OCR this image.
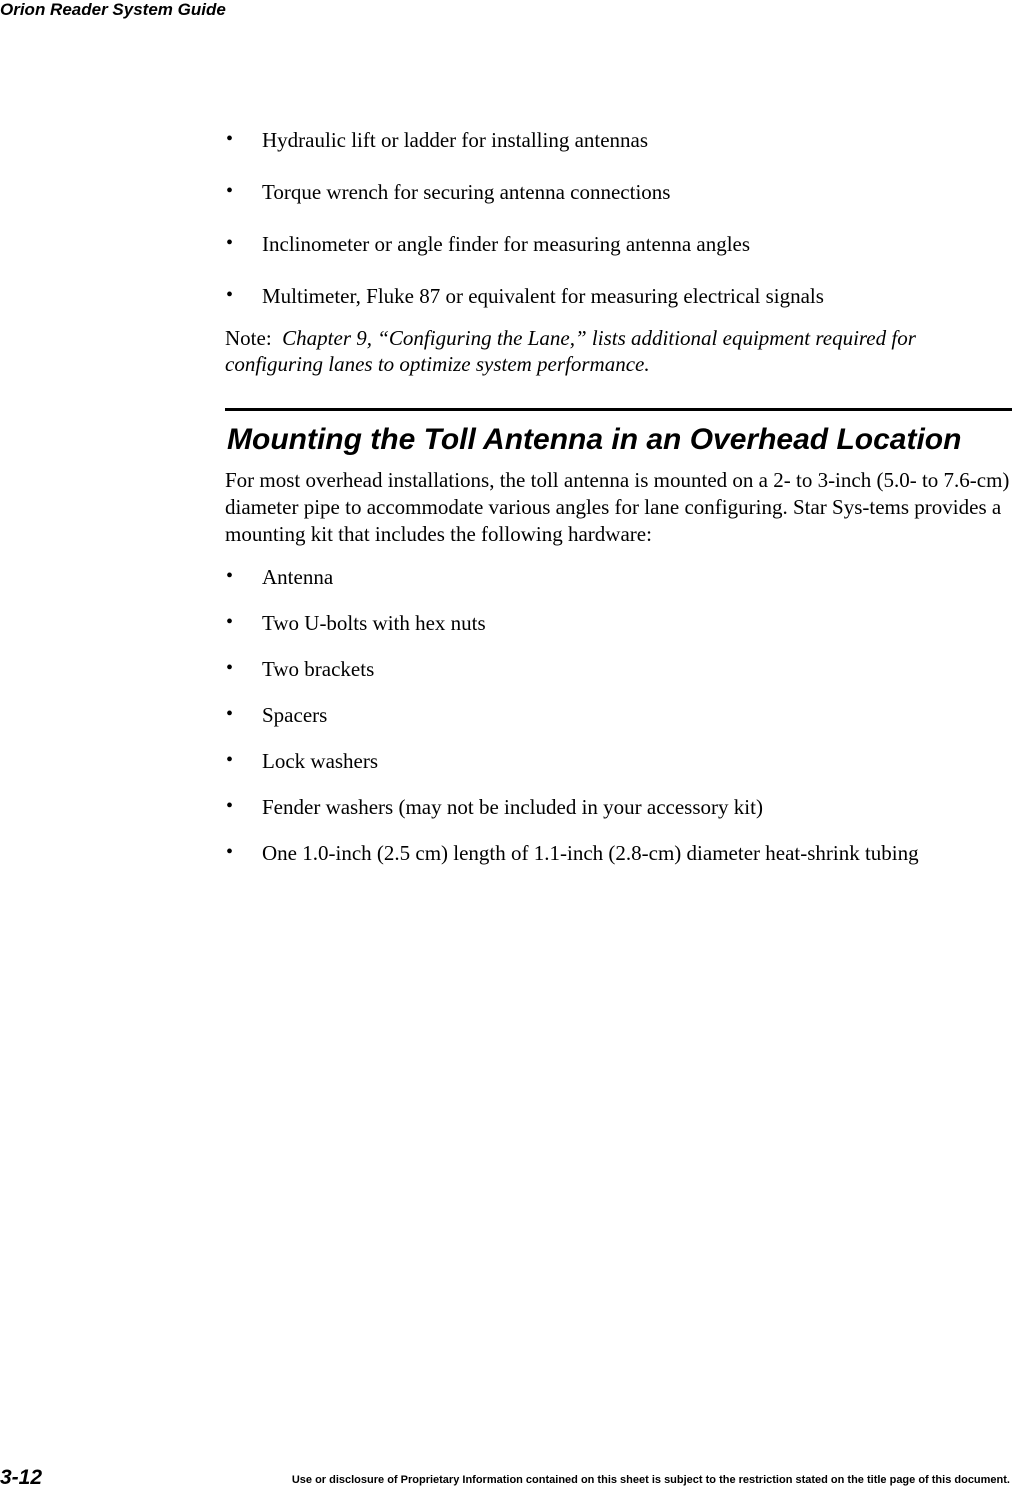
Orion Reader System Guide
• Hydraulic lift or ladder for installing antennas
• Torque wrench for securing antenna connections
• Inclinometer or angle finder for measuring antenna angles
• Multimeter, Fluke 87 or equivalent for measuring electrical signals
Note: Chapter 9, “Configuring the Lane,” lists additional equipment required for configuring lanes to optimize system performance.
Mounting the Toll Antenna in an Overhead Location

For most overhead installations, the toll antenna is mounted on a 2- to 3-inch (5.0- to 7.6-cm) diameter pipe to accommodate various angles for lane configuring. Star Sys-tems provides a mounting kit that includes the following hardware:

• Antenna
• Two U-bolts with hex nuts
• Two brackets
• Spacers
• Lock washers
• Fender washers (may not be included in your accessory kit)
• One 1.0-inch (2.5 cm) length of 1.1-inch (2.8-cm) diameter heat-shrink tubing
3-12	Use or disclosure of Proprietary Information contained on this sheet is subject to the restriction stated on the title page of this document.
